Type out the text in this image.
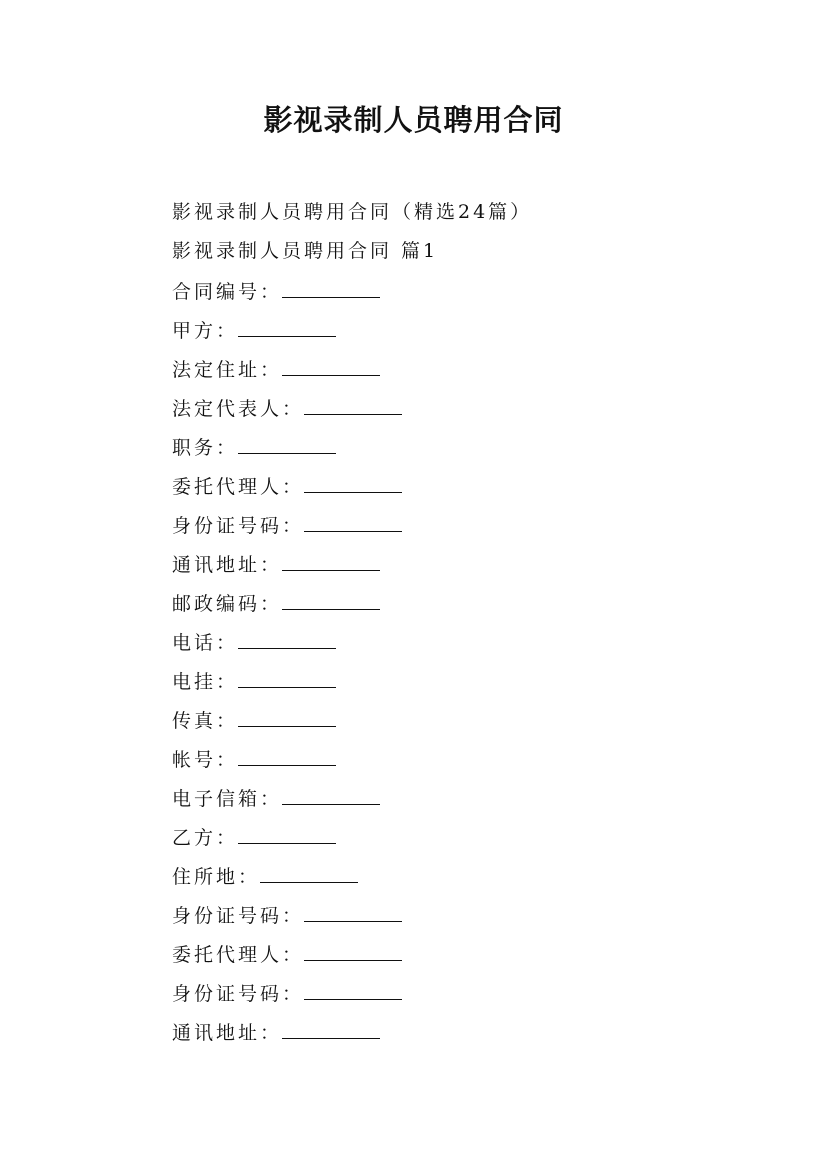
影视录制人员聘用合同
影视录制人员聘用合同（精选24篇）
影视录制人员聘用合同 篇1
合同编号：
甲方：
法定住址：
法定代表人：
职务：
委托代理人：
身份证号码：
通讯地址：
邮政编码：
电话：
电挂：
传真：
帐号：
电子信箱：
乙方：
住所地：
身份证号码：
委托代理人：
身份证号码：
通讯地址：
